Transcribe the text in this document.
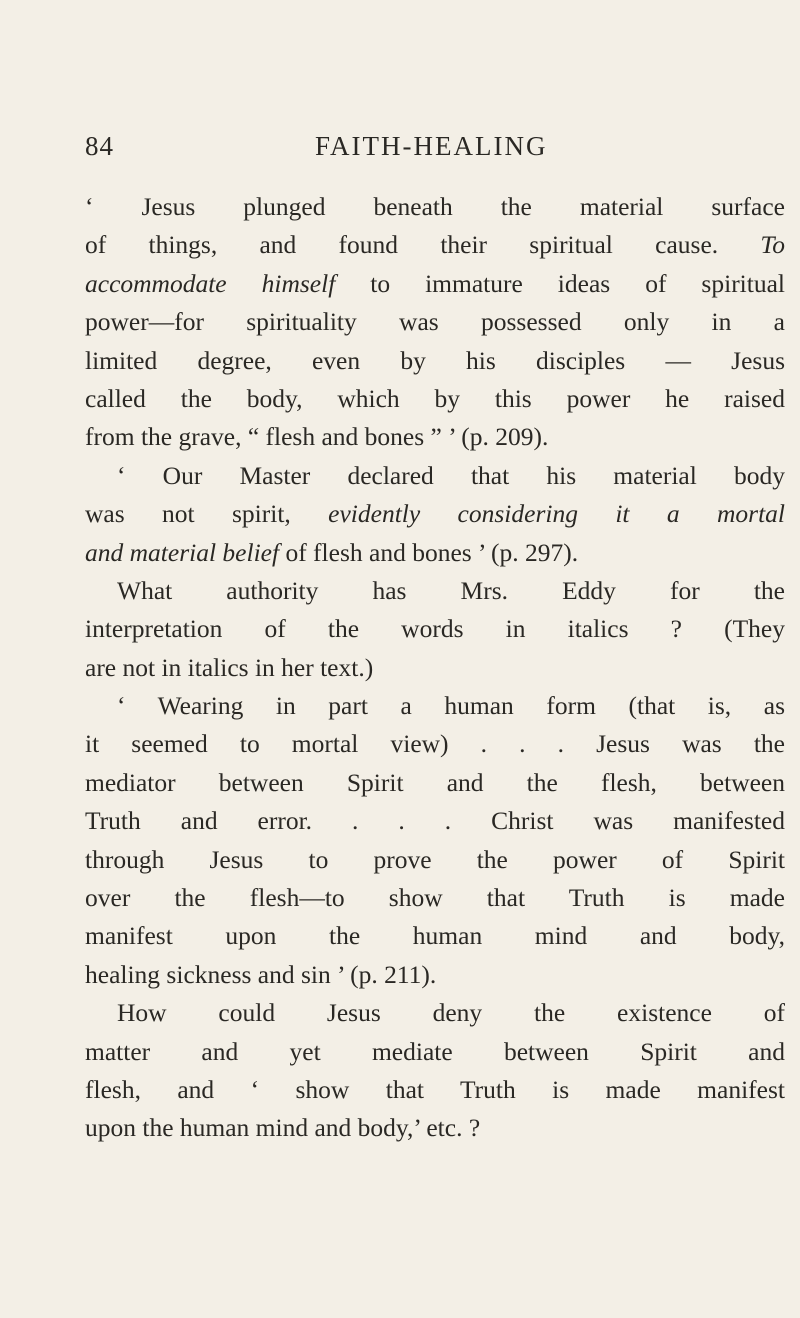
84	FAITH-HEALING
‘ Jesus plunged beneath the material surface
of things, and found their spiritual cause. To
accommodate himself to immature ideas of spiritual
power—for spirituality was possessed only in a
limited degree, even by his disciples — Jesus
called the body, which by this power he raised
from the grave, “ flesh and bones ” ’ (p. 209).
‘ Our Master declared that his material body
was not spirit, evidently considering it a mortal
and material belief of flesh and bones ’ (p. 297).
What authority has Mrs. Eddy for the
interpretation of the words in italics ? (They
are not in italics in her text.)
‘ Wearing in part a human form (that is, as
it seemed to mortal view) . . . Jesus was the
mediator between Spirit and the flesh, between
Truth and error. . . . Christ was manifested
through Jesus to prove the power of Spirit
over the flesh—to show that Truth is made
manifest upon the human mind and body,
healing sickness and sin ’ (p. 211).
How could Jesus deny the existence of
matter and yet mediate between Spirit and
flesh, and ‘ show that Truth is made manifest
upon the human mind and body,’ etc. ?
